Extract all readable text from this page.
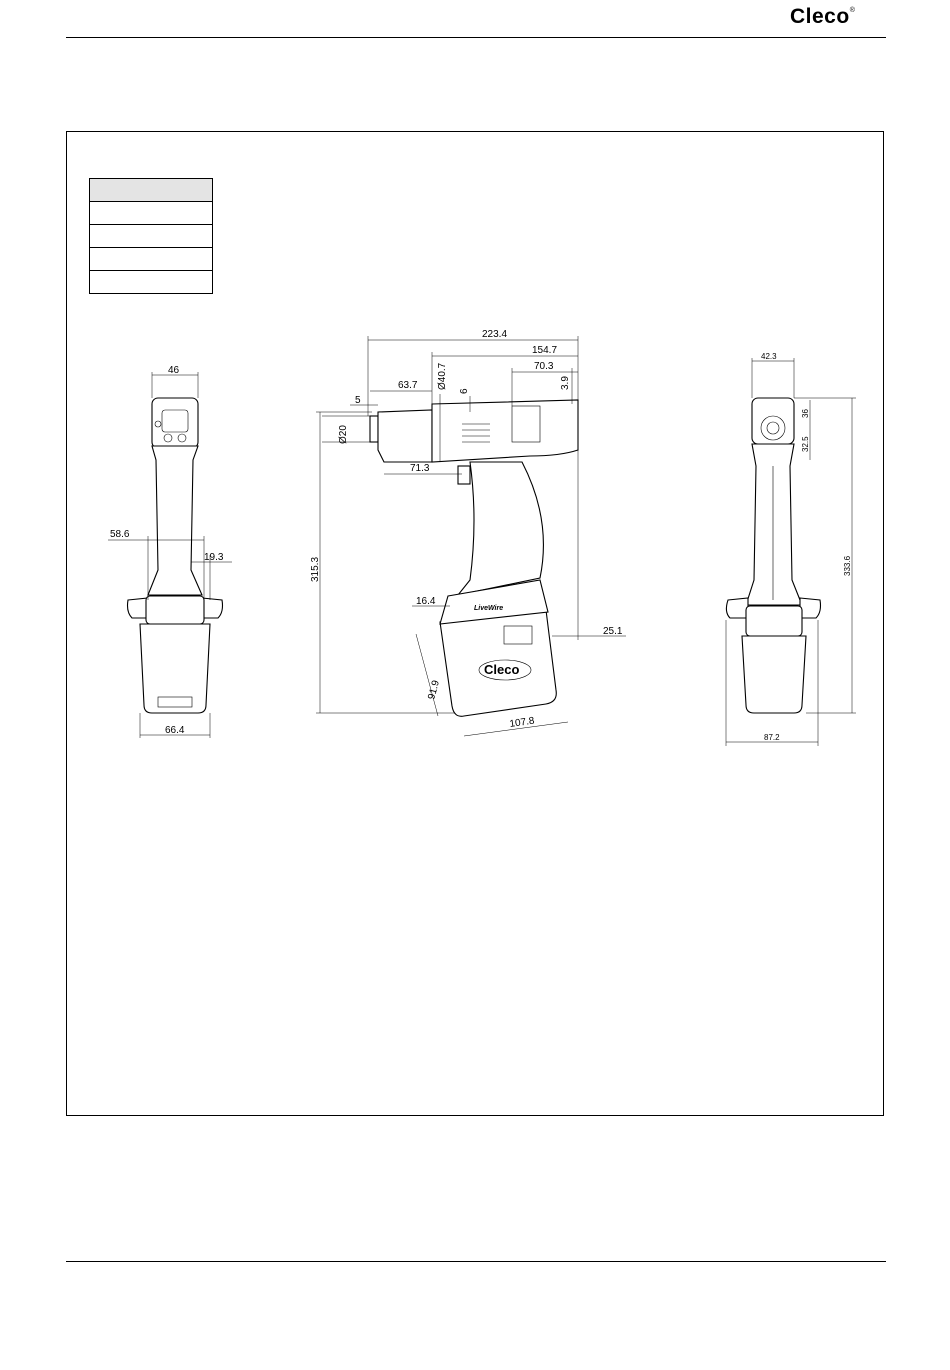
Cleco®

46
58.6
19.3
66.4
LiveWire
Cleco
223.4
154.7
70.3
63.7 Ø40.7
6
3.9
5
Ø20
71.3
315.3
16.4
25.1
91.9
107.8
42.3
36
32.5
333.6
87.2
